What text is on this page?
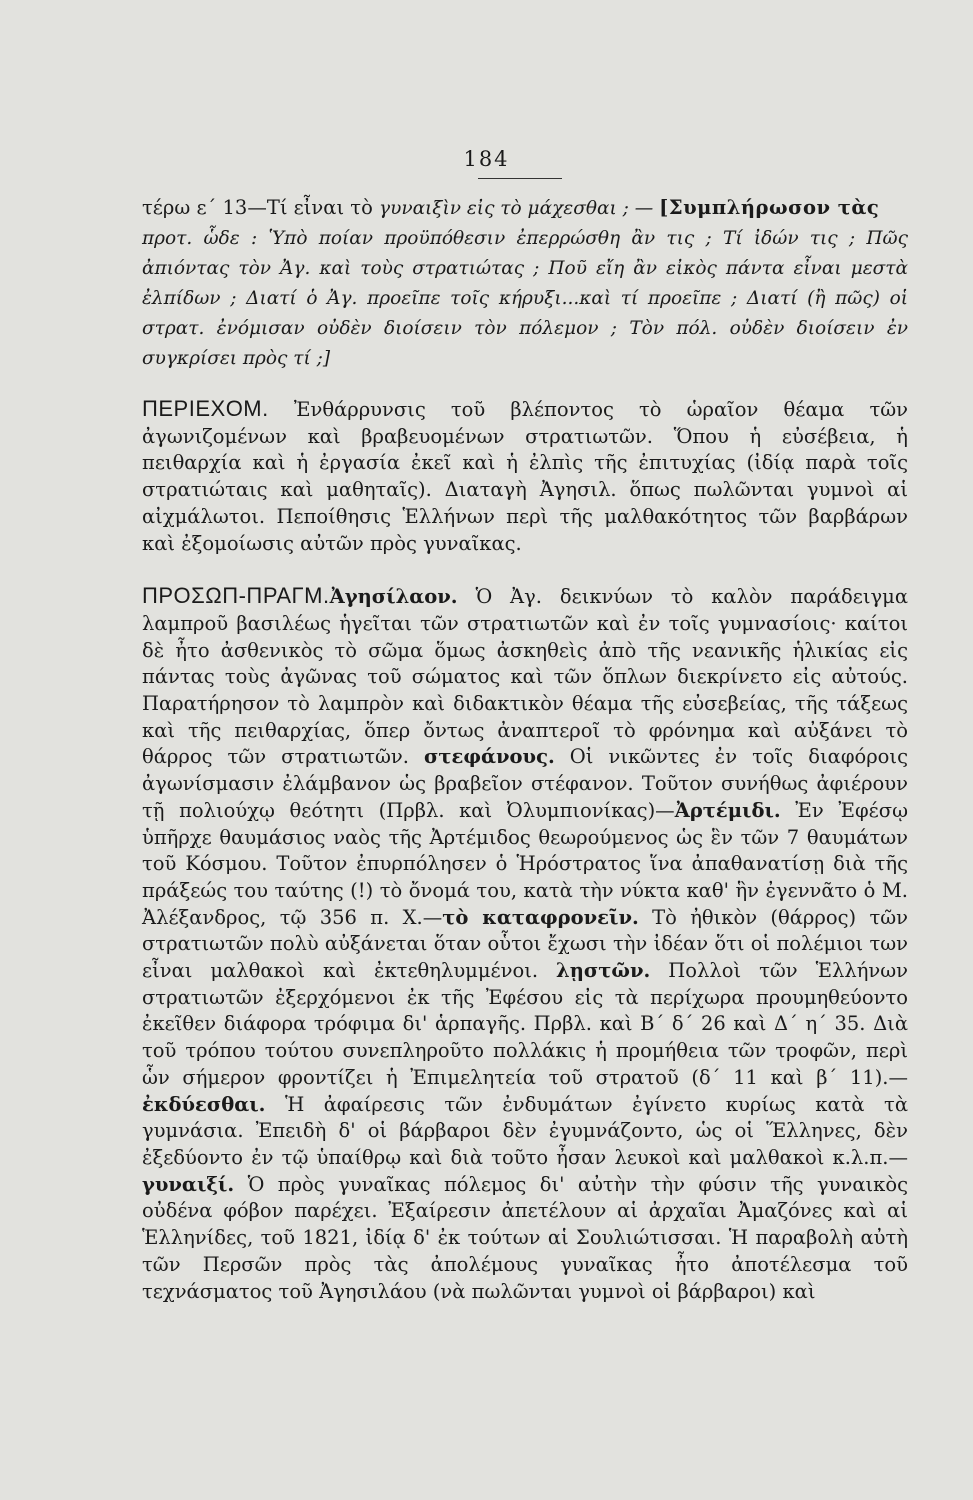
184

τέρω ε΄ 13—Τί εἶναι τὸ γυναιξὶν εἰς τὸ μάχεσθαι ; — [Συμπλήρωσον τὰς

προτ. ὧδε : Ὑπὸ ποίαν προϋπόθεσιν ἐπερρώσθη ἂν τις ; Τί ἰδών τις ; Πῶς ἀπιόντας τὸν Ἀγ. καὶ τοὺς στρατιώτας ; Ποῦ εἴη ἂν εἰκὸς πάντα εἶναι μεστὰ ἐλπίδων ; Διατί ὁ Ἀγ. προεῖπε τοῖς κήρυξι...καὶ τί προεῖπε ; Διατί (ἢ πῶς) οἱ στρατ. ἐνόμισαν οὐδὲν διοίσειν τὸν πόλεμον ; Τὸν πόλ. οὐδὲν διοίσειν ἐν συγκρίσει πρὸς τί ;]

ΠΕΡΙΕΧΟΜ. Ἐνθάρρυνσις τοῦ βλέποντος τὸ ὡραῖον θέαμα τῶν ἀγωνιζομένων καὶ βραβευομένων στρατιωτῶν. Ὅπου ἡ εὐσέβεια, ἡ πειθαρχία καὶ ἡ ἐργασία ἐκεῖ καὶ ἡ ἐλπὶς τῆς ἐπιτυχίας (ἰδίᾳ παρὰ τοῖς στρατιώταις καὶ μαθηταῖς). Διαταγὴ Ἀγησιλ. ὅπως πωλῶνται γυμνοὶ αἱ αἰχμάλωτοι. Πεποίθησις Ἑλλήνων περὶ τῆς μαλθακότητος τῶν βαρβάρων καὶ ἐξομοίωσις αὐτῶν πρὸς γυναῖκας.

ΠΡΟΣΩΠ-ΠΡΑΓΜ.Ἀγησίλαον. Ὁ Ἀγ. δεικνύων τὸ καλὸν παράδειγμα λαμπροῦ βασιλέως ἡγεῖται τῶν στρατιωτῶν καὶ ἐν τοῖς γυμνασίοις· καίτοι δὲ ἦτο ἀσθενικὸς τὸ σῶμα ὅμως ἀσκηθεὶς ἀπὸ τῆς νεανικῆς ἡλικίας εἰς πάντας τοὺς ἀγῶνας τοῦ σώματος καὶ τῶν ὅπλων διεκρίνετο εἰς αὐτούς. Παρατήρησον τὸ λαμπρὸν καὶ διδακτικὸν θέαμα τῆς εὐσεβείας, τῆς τάξεως καὶ τῆς πειθαρχίας, ὅπερ ὄντως ἀναπτεροῖ τὸ φρόνημα καὶ αὐξάνει τὸ θάρρος τῶν στρατιωτῶν. στεφάνους. Οἱ νικῶντες ἐν τοῖς διαφόροις ἀγωνίσμασιν ἐλάμβανον ὡς βραβεῖον στέφανον. Τοῦτον συνήθως ἀφιέρουν τῇ πολιούχῳ θεότητι (Πρβλ. καὶ Ὀλυμπιονίκας)—Ἀρτέμιδι. Ἐν Ἐφέσῳ ὑπῆρχε θαυμάσιος ναὸς τῆς Ἀρτέμιδος θεωρούμενος ὡς ἓν τῶν 7 θαυμάτων τοῦ Κόσμου. Τοῦτον ἐπυρπόλησεν ὁ Ἡρόστρατος ἵνα ἀπαθανατίσῃ διὰ τῆς πράξεώς του ταύτης (!) τὸ ὄνομά του, κατὰ τὴν νύκτα καθ' ἣν ἐγεννᾶτο ὁ Μ. Ἀλέξανδρος, τῷ 356 π. Χ.—τὸ καταφρονεῖν. Τὸ ἠθικὸν (θάρρος) τῶν στρατιωτῶν πολὺ αὐξάνεται ὅταν οὗτοι ἔχωσι τὴν ἰδέαν ὅτι οἱ πολέμιοι των εἶναι μαλθακοὶ καὶ ἐκτεθηλυμμένοι. λῃστῶν. Πολλοὶ τῶν Ἑλλήνων στρατιωτῶν ἐξερχόμενοι ἐκ τῆς Ἐφέσου εἰς τὰ περίχωρα προυμηθεύοντο ἐκεῖθεν διάφορα τρόφιμα δι' ἁρπαγῆς. Πρβλ. καὶ Β΄ δ΄ 26 καὶ Δ΄ η΄ 35. Διὰ τοῦ τρόπου τούτου συνεπληροῦτο πολλάκις ἡ προμήθεια τῶν τροφῶν, περὶ ὧν σήμερον φροντίζει ἡ Ἐπιμελητεία τοῦ στρατοῦ (δ΄ 11 καὶ β΄ 11).—ἐκδύεσθαι. Ἡ ἀφαίρεσις τῶν ἐνδυμάτων ἐγίνετο κυρίως κατὰ τὰ γυμνάσια. Ἐπειδὴ δ' οἱ βάρβαροι δὲν ἐγυμνάζοντο, ὡς οἱ Ἕλληνες, δὲν ἐξεδύοντο ἐν τῷ ὑπαίθρῳ καὶ διὰ τοῦτο ἦσαν λευκοὶ καὶ μαλθακοὶ κ.λ.π.—γυναιξί. Ὁ πρὸς γυναῖκας πόλεμος δι' αὐτὴν τὴν φύσιν τῆς γυναικὸς οὐδένα φόβον παρέχει. Ἐξαίρεσιν ἀπετέλουν αἱ ἀρχαῖαι Ἀμαζόνες καὶ αἱ Ἑλληνίδες, τοῦ 1821, ἰδίᾳ δ' ἐκ τούτων αἱ Σουλιώτισσαι. Ἡ παραβολὴ αὐτὴ τῶν Περσῶν πρὸς τὰς ἀπολέμους γυναῖκας ἦτο ἀποτέλεσμα τοῦ τεχνάσματος τοῦ Ἀγησιλάου (νὰ πωλῶνται γυμνοὶ οἱ βάρβαροι) καὶ
